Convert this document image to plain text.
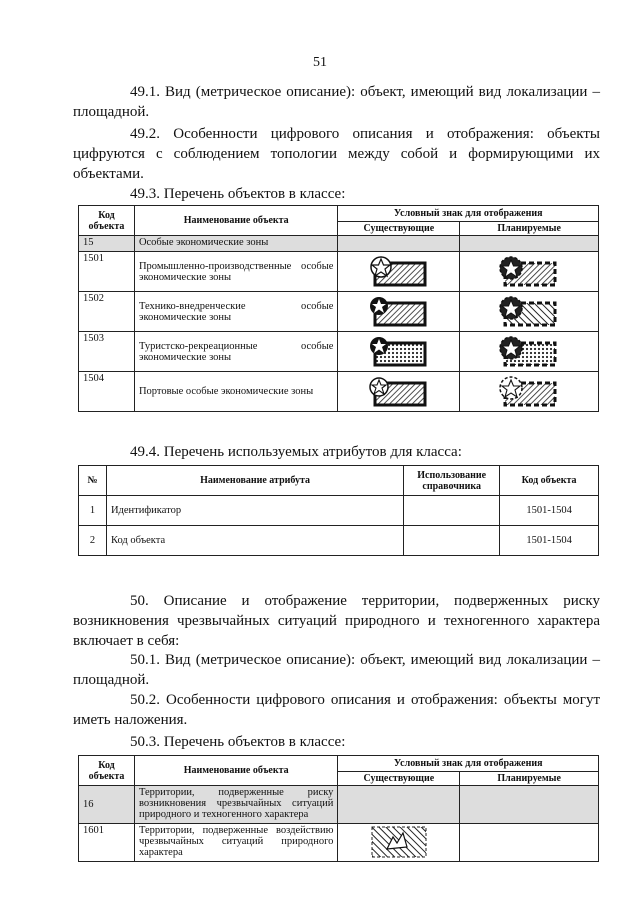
51
49.1. Вид (метрическое описание): объект, имеющий вид локализации – площадной.
49.2. Особенности цифрового описания и отображения: объекты цифруются с соблюдением топологии между собой и формирующими их объектами.
49.3. Перечень объектов в классе:
Код объекта	Наименование объекта	Условный знак для отображения	
		Существующие	Планируемые
15	Особые экономические зоны		
1501	Промышленно-производственные особые экономические зоны	

1502	Технико-внедренческие особые экономические зоны	

1503	Туристско-рекреационные особые экономические зоны	

1504	Портовые особые экономические зоны	

49.4. Перечень используемых атрибутов для класса:
№	Наименование атрибута	Использование справочника	Код объекта
1	Идентификатор		1501-1504
2	Код объекта		1501-1504
50. Описание и отображение территории, подверженных риску возникновения чрезвычайных ситуаций природного и техногенного характера включает в себя:
50.1. Вид (метрическое описание): объект, имеющий вид локализации – площадной.
50.2. Особенности цифрового описания и отображения: объекты могут иметь наложения.
50.3. Перечень объектов в классе:
Код объекта	Наименование объекта	Условный знак для отображения	
		Существующие	Планируемые
16	Территории, подверженные риску возникновения чрезвычайных ситуаций природного и техногенного характера		
1601	Территории, подверженные воздействию чрезвычайных ситуаций природного характера	
